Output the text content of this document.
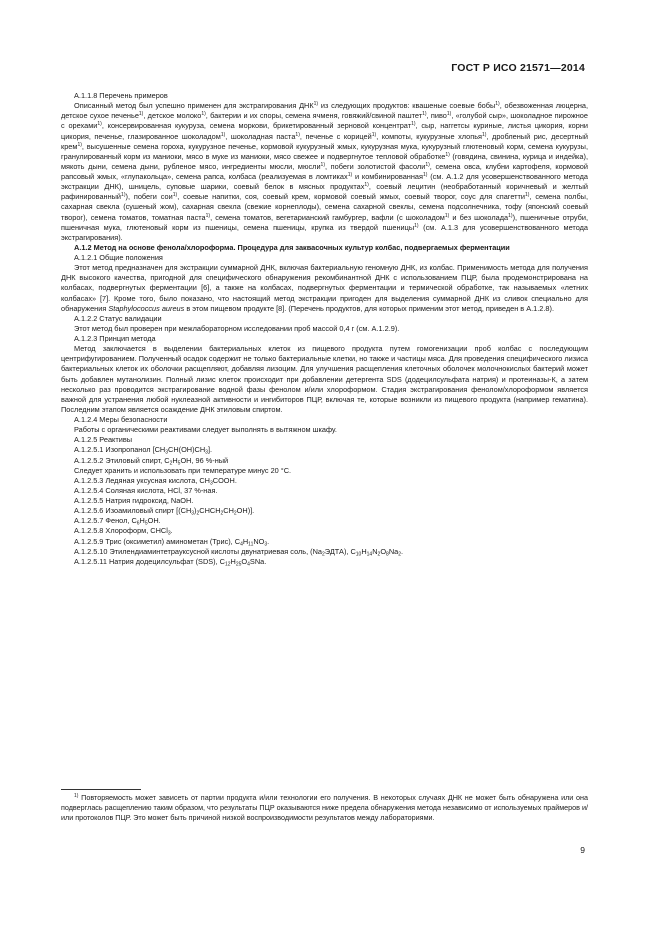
ГОСТ Р ИСО 21571—2014

А.1.1.8 Перечень примеров

Описанный метод был успешно применен для экстрагирования ДНК$^{1)}$ из следующих продуктов: квашеные соевые бобы$^{1)}$, обезвоженная люцерна, детское сухое печенье$^{1)}$, детское молоко$^{1)}$, бактерии и их споры, семена ячменя, говяжий/свиной паштет$^{1)}$, пиво$^{1)}$, «голубой сыр», шоколадное пирожное с орехами$^{1)}$, консервированная кукуруза, семена моркови, брикетированный зерновой концентрат$^{1)}$, сыр, наггетсы куриные, листья цикория, корни цикория, печенье, глазированное шоколадом$^{1)}$, шоколадная паста$^{1)}$, печенье с корицей$^{1)}$, компоты, кукурузные хлопья$^{1)}$, дробленый рис, десертный крем$^{1)}$, высушенные семена гороха, кукурузное печенье, кормовой кукурузный жмых, кукурузная мука, кукурузный глютеновый корм, семена кукурузы, гранулированный корм из маниоки, мясо в муке из маниоки, мясо свежее и подвергнутое тепловой обработке$^{1)}$ (говядина, свинина, курица и индейка), мякоть дыни, семена дыни, рубленое мясо, ингредиенты мюсли, мюсли$^{1)}$, побеги золотистой фасоли$^{1)}$, семена овса, клубни картофеля, кормовой рапсовый жмых, «глупакольца», семена рапса, колбаса (реализуемая в ломтиках$^{1)}$ и комбинированная$^{1)}$ (см. А.1.2 для усовершенствованного метода экстракции ДНК), шницель, суповые шарики, соевый белок в мясных продуктах$^{1)}$, соевый лецитин (необработанный коричневый и желтый рафинированный$^{1)}$), побеги сои$^{1)}$, соевые напитки, соя, соевый крем, кормовой соевый жмых, соевый творог, соус для спагетти$^{1)}$, семена полбы, сахарная свекла (сушеный жом), сахарная свекла (свежие корнеплоды), семена сахарной свеклы, семена подсолнечника, тофу (японский соевый творог), семена томатов, томатная паста$^{1)}$, семена томатов, вегетарианский гамбургер, вафли (с шоколадом$^{1)}$ и без шоколада$^{1)}$), пшеничные отруби, пшеничная мука, глютеновый корм из пшеницы, семена пшеницы, крупка из твердой пшеницы$^{1)}$ (см. А.1.3 для усовершенствованного метода экстрагирования).

А.1.2 Метод на основе фенола/хлороформа. Процедура для заквасочных культур колбас, подвергаемых ферментации

А.1.2.1 Общие положения

Этот метод предназначен для экстракции суммарной ДНК, включая бактериальную геномную ДНК, из колбас. Применимость метода для получения ДНК высокого качества, пригодной для специфического обнаружения рекомбинантной ДНК с использованием ПЦР, была продемонстрирована на колбасах, подвергнутых ферментации [6], а также на колбасах, подвергнутых ферментации и термической обработке, так называемых «летних колбасах» [7]. Кроме того, было показано, что настоящий метод экстракции пригоден для выделения суммарной ДНК из сливок специально для обнаружения Staphylococcus aureus в этом пищевом продукте [8]. (Перечень продуктов, для которых применим этот метод, приведен в А.1.2.8).

А.1.2.2 Статус валидации

Этот метод был проверен при межлабораторном исследовании проб массой 0,4 г (см. А.1.2.9).

А.1.2.3 Принцип метода

Метод заключается в выделении бактериальных клеток из пищевого продукта путем гомогенизации проб колбас с последующим центрифугированием. Полученный осадок содержит не только бактериальные клетки, но также и частицы мяса. Для проведения специфического лизиса бактериальных клеток их оболочки расщепляют, добавляя лизоцим. Для улучшения расщепления клеточных оболочек молочнокислых бактерий может быть добавлен мутанолизин. Полный лизис клеток происходит при добавлении детергента SDS (додецилсульфата натрия) и протеиназы-К, а затем несколько раз проводится экстрагирование водной фазы фенолом и/или хлороформом. Стадия экстрагирования фенолом/хлороформом является важной для устранения любой нуклеазной активности и ингибиторов ПЦР, включая те, которые возникли из пищевого продукта (например гематина). Последним этапом является осаждение ДНК этиловым спиртом.

А.1.2.4 Меры безопасности

Работы с органическими реактивами следует выполнять в вытяжном шкафу.

А.1.2.5 Реактивы

А.1.2.5.1 Изопропанол $[CH_3CH(OH)CH_3]$.

А.1.2.5.2 Этиловый спирт, $C_2H_5OH$, 96 %-ный

Следует хранить и использовать при температуре минус 20 °С.

А.1.2.5.3 Ледяная уксусная кислота, $CH_3COOH$.

А.1.2.5.4 Соляная кислота, HCl, 37 %-ная.

А.1.2.5.5 Натрия гидроксид, NaOH.

А.1.2.5.6 Изоамиловый спирт $[(CH_3)_2CHCH_2CH_2OH)$].

А.1.2.5.7 Фенол, $C_6H_5OH$.

А.1.2.5.8 Хлороформ, CHCl$_3$.

А.1.2.5.9 Трис (оксиметил) аминометан (Трис), $C_4H_{11}NO_3$.

А.1.2.5.10 Этилендиаминтетрауксусной кислоты двунатриевая соль, $(Na_2ЭДТА)$, $C_{10}H_{14}N_2O_8Na_2$.

А.1.2.5.11 Натрия додецилсульфат (SDS), $C_{12}H_{25}O_4SNa$.

$^{1)}$ Повторяемость может зависеть от партии продукта и/или технологии его получения. В некоторых случаях ДНК не может быть обнаружена или она подверглась расщеплению таким образом, что результаты ПЦР оказываются ниже предела обнаружения метода независимо от используемых праймеров и/или протоколов ПЦР. Это может быть причиной низкой воспроизводимости результатов между лабораториями.

9
